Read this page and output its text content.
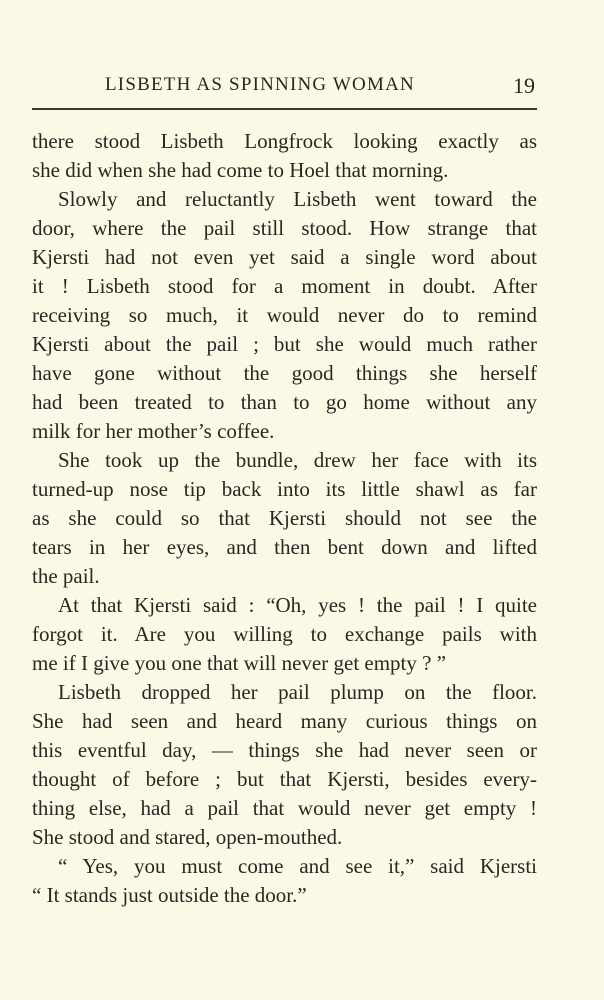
LISBETH AS SPINNING WOMAN	19
there stood Lisbeth Longfrock looking exactly as
she did when she had come to Hoel that morning.
Slowly and reluctantly Lisbeth went toward the
door, where the pail still stood. How strange that
Kjersti had not even yet said a single word about
it ! Lisbeth stood for a moment in doubt. After
receiving so much, it would never do to remind
Kjersti about the pail ; but she would much rather
have gone without the good things she herself
had been treated to than to go home without any
milk for her mother’s coffee.
She took up the bundle, drew her face with its
turned-up nose tip back into its little shawl as far
as she could so that Kjersti should not see the
tears in her eyes, and then bent down and lifted
the pail.
At that Kjersti said : “Oh, yes ! the pail ! I quite
forgot it. Are you willing to exchange pails with
me if I give you one that will never get empty ? ”
Lisbeth dropped her pail plump on the floor.
She had seen and heard many curious things on
this eventful day, — things she had never seen or
thought of before ; but that Kjersti, besides every-
thing else, had a pail that would never get empty !
She stood and stared, open-mouthed.
“ Yes, you must come and see it,” said Kjersti
“ It stands just outside the door.”
